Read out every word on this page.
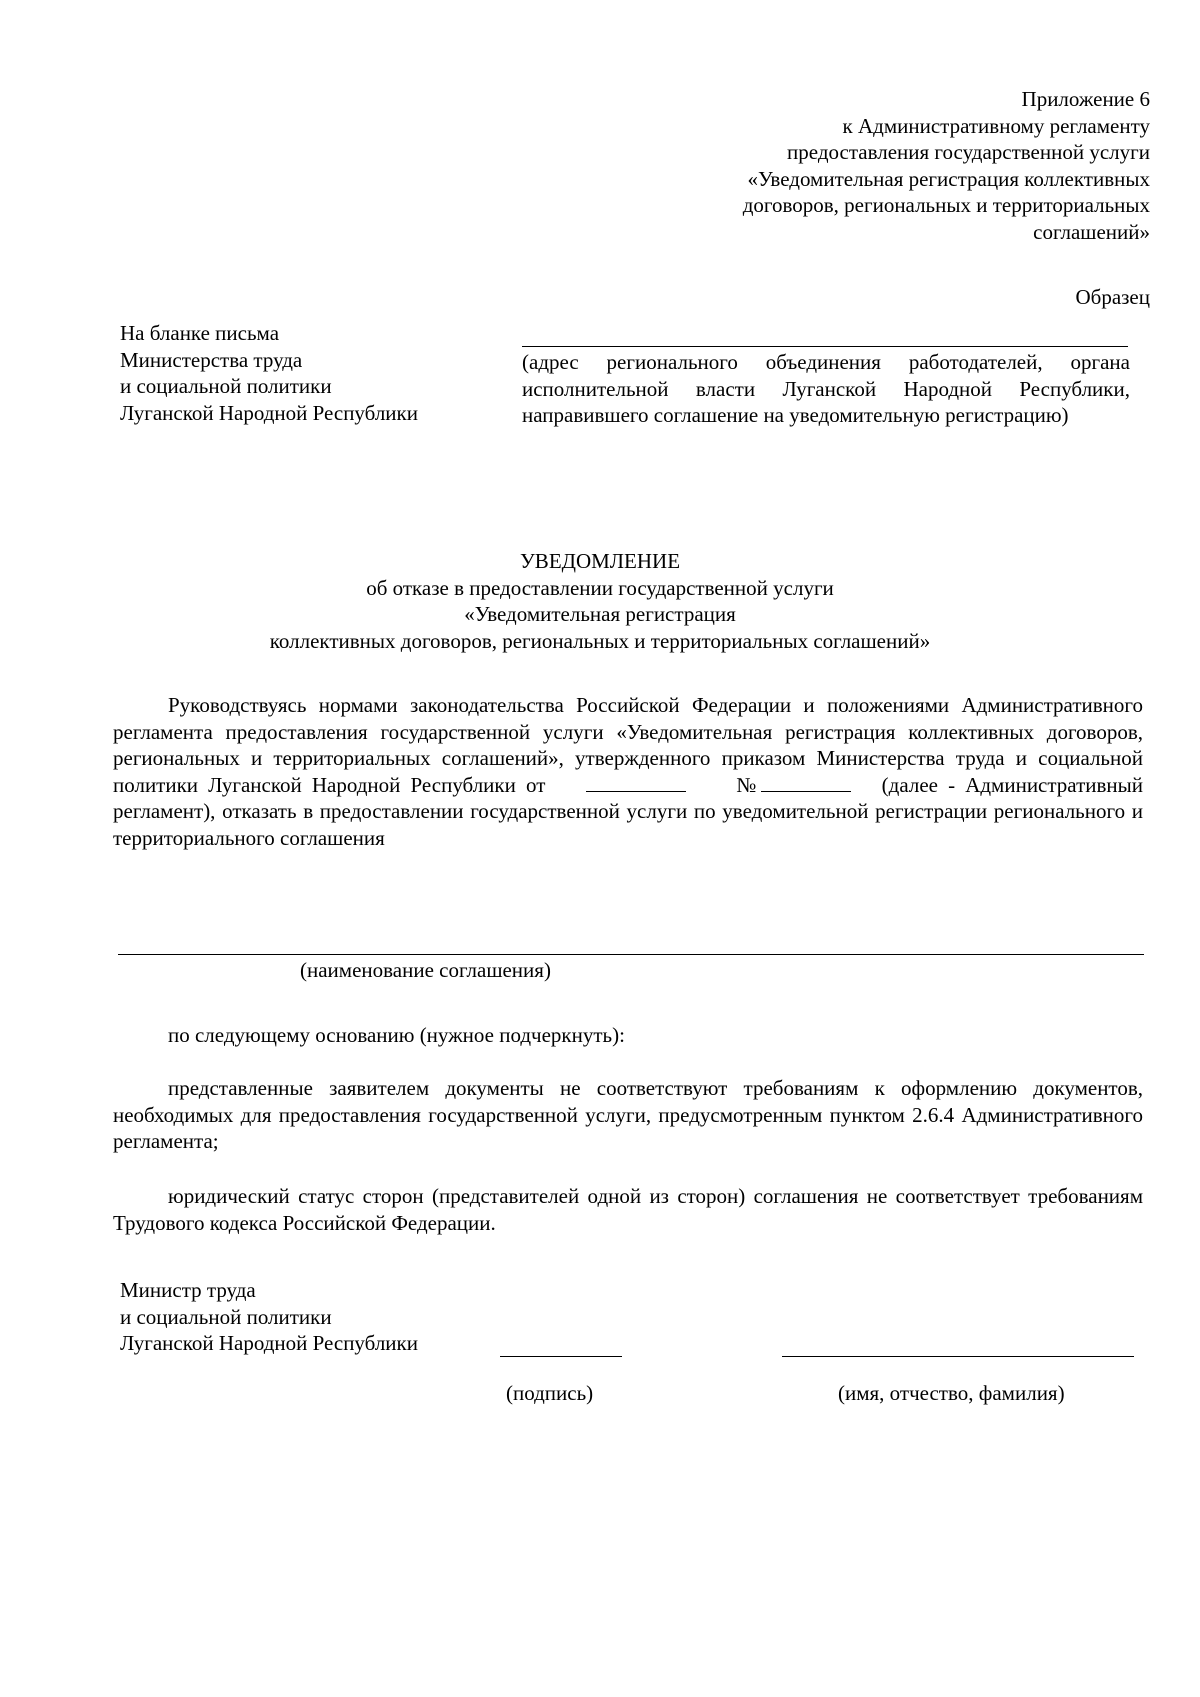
Приложение 6
к Административному регламенту
предоставления государственной услуги
«Уведомительная регистрация коллективных
договоров, региональных и территориальных
соглашений»
Образец
На бланке письма
Министерства труда
и социальной политики
Луганской Народной Республики
(адрес регионального объединения работодателей, органа исполнительной власти Луганской Народной Республики, направившего соглашение на уведомительную регистрацию)
УВЕДОМЛЕНИЕ
об отказе в предоставлении государственной услуги
«Уведомительная регистрация
коллективных договоров, региональных и территориальных соглашений»

Руководствуясь нормами законодательства Российской Федерации и положениями Административного регламента предоставления государственной услуги «Уведомительная регистрация коллективных договоров, региональных и территориальных соглашений», утвержденного приказом Министерства труда и социальной политики Луганской Народной Республики от	№	(далее - Административный регламент), отказать в предоставлении государственной услуги по уведомительной регистрации регионального и территориального соглашения

(наименование соглашения)
по следующему основанию (нужное подчеркнуть):

представленные заявителем документы не соответствуют требованиям к оформлению документов, необходимых для предоставления государственной услуги, предусмотренным пунктом 2.6.4 Административного регламента;

юридический статус сторон (представителей одной из сторон) соглашения не соответствует требованиям Трудового кодекса Российской Федерации.

Министр труда
и социальной политики
Луганской Народной Республики
(подпись)	(имя, отчество, фамилия)
